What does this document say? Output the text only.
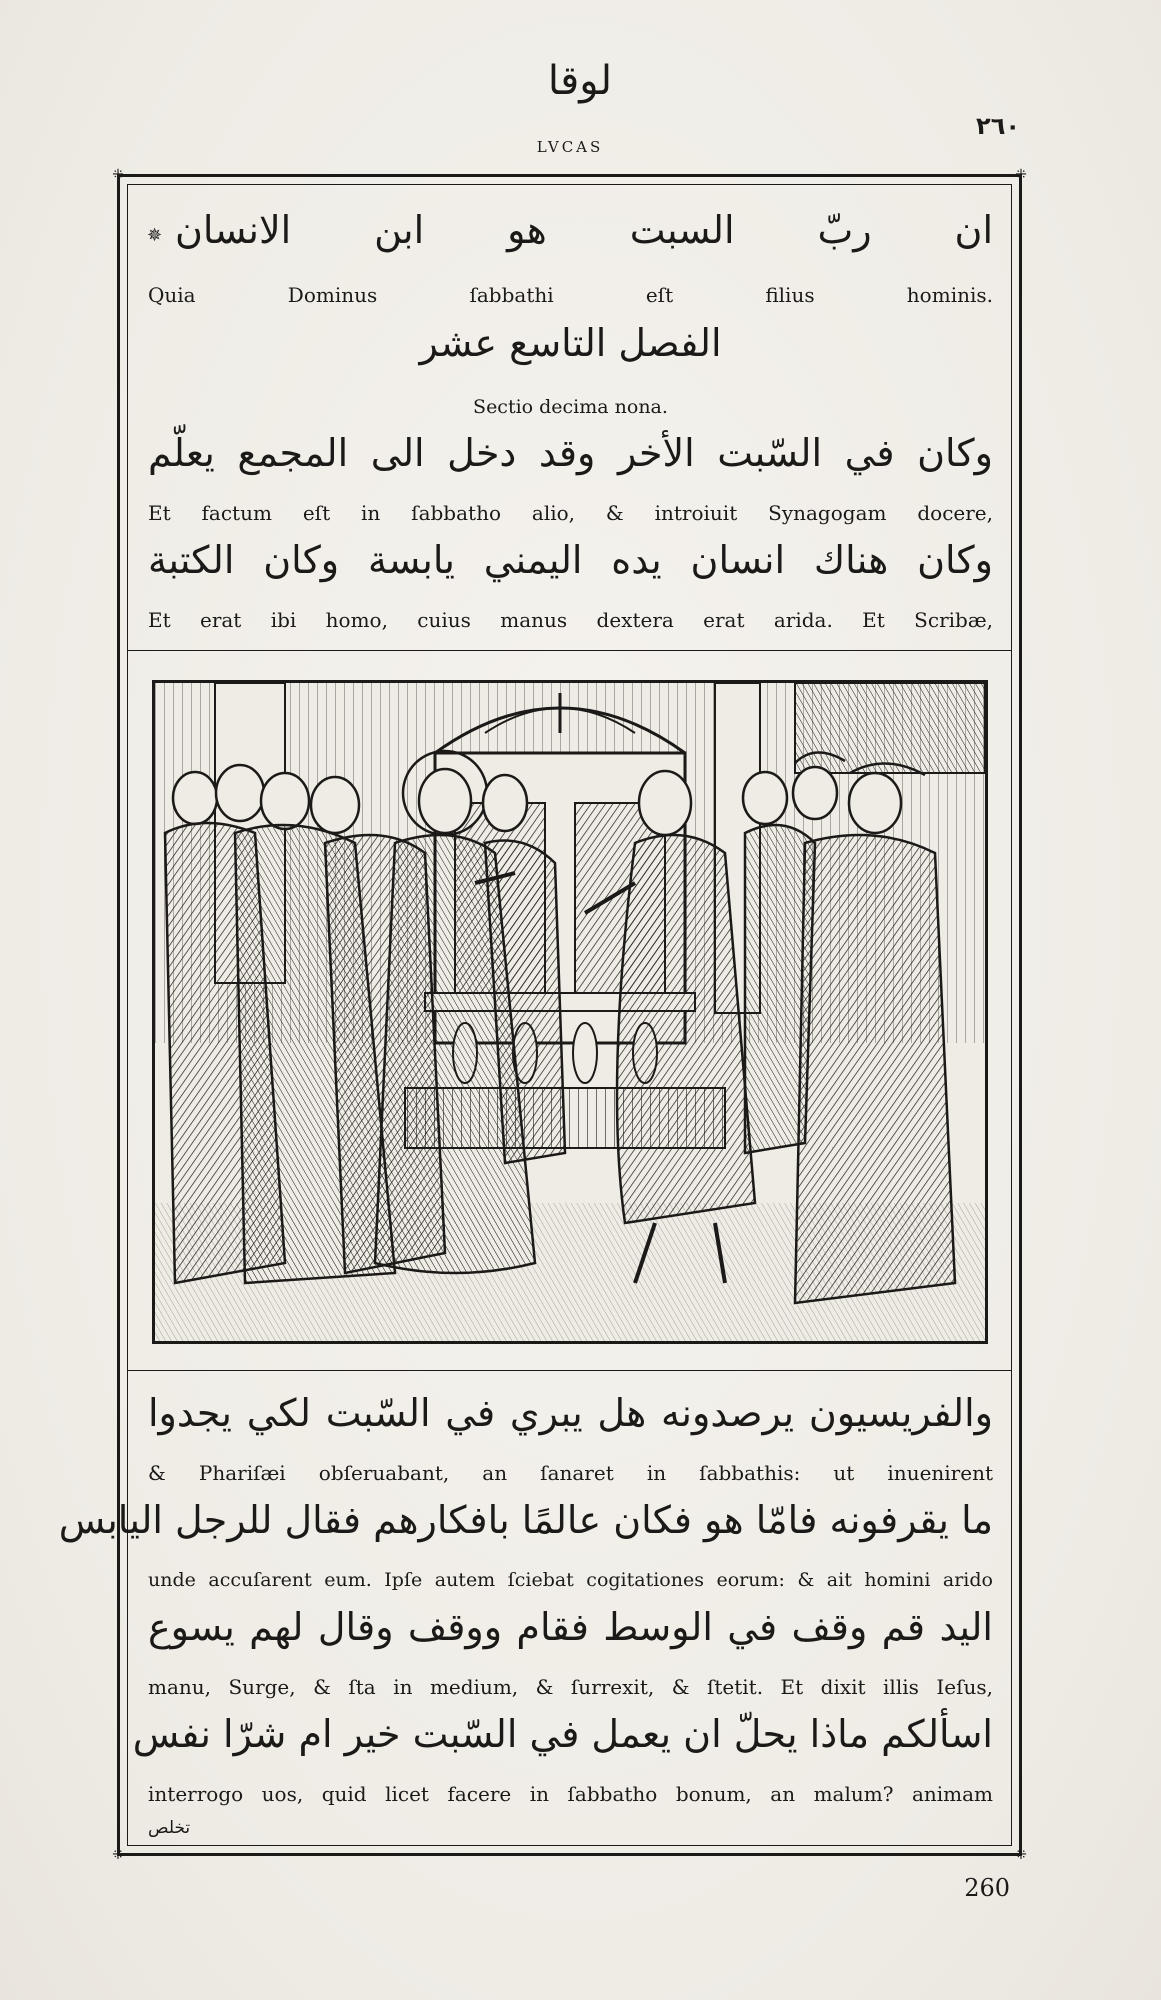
لوقا
LVCAS
٢٦٠
⁜	⁜
⁜	⁜
✵ ان ربّ السبت هو ابن الانسان
Quia Dominus ſabbathi eſt filius hominis.
الفصل التاسع عشر
Sectio decima nona.
وكان في السّبت الأخر وقد دخل الى المجمع يعلّم
Et factum eſt in ſabbatho alio, & introiuit Synagogam docere,
وكان هناك انسان يده اليمني يابسة وكان الكتبة
Et erat ibi homo, cuius manus dextera erat arida. Et Scribæ,
والفريسيون يرصدونه هل يبري في السّبت لكي يجدوا
& Phariſæi obſeruabant, an ſanaret in ſabbathis: ut inuenirent
ما يقرفونه فامّا هو فكان عالمًا بافكارهم فقال للرجل اليابس
unde accuſarent eum. Ipſe autem ſciebat cogitationes eorum: & ait homini arido
اليد قم وقف في الوسط فقام ووقف وقال لهم يسوع
manu, Surge, & ſta in medium, & ſurrexit, & ſtetit. Et dixit illis Ieſus,
اسألكم ماذا يحلّ ان يعمل في السّبت خير ام شرّا نفس
interrogo uos, quid licet facere in ſabbatho bonum, an malum? animam
تخلص
260
